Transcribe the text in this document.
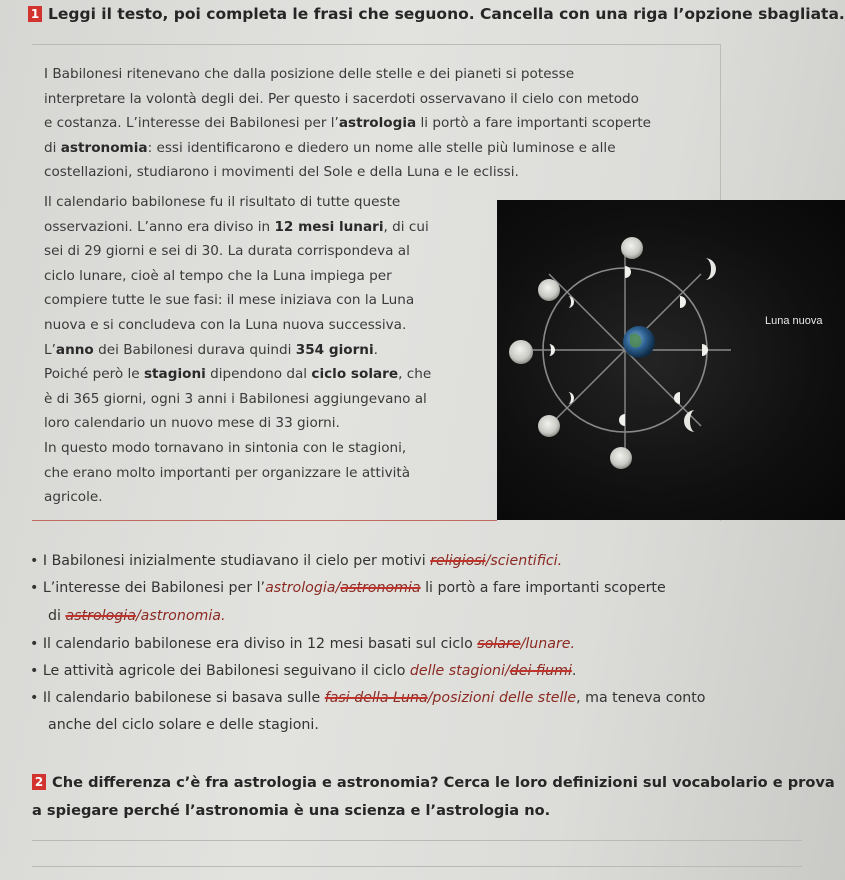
1 Leggi il testo, poi completa le frasi che seguono. Cancella con una riga l’opzione sbagliata.
I Babilonesi ritenevano che dalla posizione delle stelle e dei pianeti si potesse
interpretare la volontà degli dei. Per questo i sacerdoti osservavano il cielo con metodo
e costanza. L’interesse dei Babilonesi per l’astrologia li portò a fare importanti scoperte
di astronomia: essi identificarono e diedero un nome alle stelle più luminose e alle
costellazioni, studiarono i movimenti del Sole e della Luna e le eclissi.
Il calendario babilonese fu il risultato di tutte queste
osservazioni. L’anno era diviso in 12 mesi lunari, di cui
sei di 29 giorni e sei di 30. La durata corrispondeva al
ciclo lunare, cioè al tempo che la Luna impiega per
compiere tutte le sue fasi: il mese iniziava con la Luna
nuova e si concludeva con la Luna nuova successiva.
L’anno dei Babilonesi durava quindi 354 giorni.
Poiché però le stagioni dipendono dal ciclo solare, che
è di 365 giorni, ogni 3 anni i Babilonesi aggiungevano al
loro calendario un nuovo mese di 33 giorni.
In questo modo tornavano in sintonia con le stagioni,
che erano molto importanti per organizzare le attività
agricole.
Luna nuova
• I Babilonesi inizialmente studiavano il cielo per motivi religiosi/scientifici.
• L’interesse dei Babilonesi per l’astrologia/astronomia li portò a fare importanti scoperte
di astrologia/astronomia.
• Il calendario babilonese era diviso in 12 mesi basati sul ciclo solare/lunare.
• Le attività agricole dei Babilonesi seguivano il ciclo delle stagioni/dei fiumi.
• Il calendario babilonese si basava sulle fasi della Luna/posizioni delle stelle, ma teneva conto
anche del ciclo solare e delle stagioni.
2 Che differenza c’è fra astrologia e astronomia? Cerca le loro definizioni sul vocabolario e prova
a spiegare perché l’astronomia è una scienza e l’astrologia no.
